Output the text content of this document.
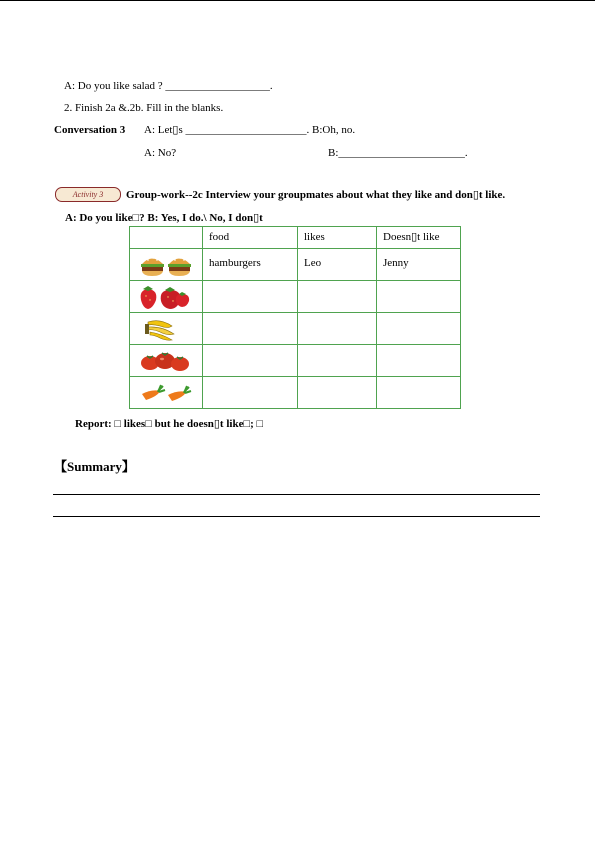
A: Do you like salad ? ___________________.
2. Finish 2a &.2b. Fill in the blanks.
Conversation 3 A: Let▯s ______________________. B:Oh, no.
A: No?	B:_______________________.
Activity 3	Group-work--2c Interview your groupmates about what they like and don▯t like.
A: Do you like□? B: Yes, I do.\ No, I don▯t
	food	likes	Doesn▯t like

	hamburgers	Leo	Jenny

Report: □ likes□ but he doesn▯t like□; □
【Summary】
